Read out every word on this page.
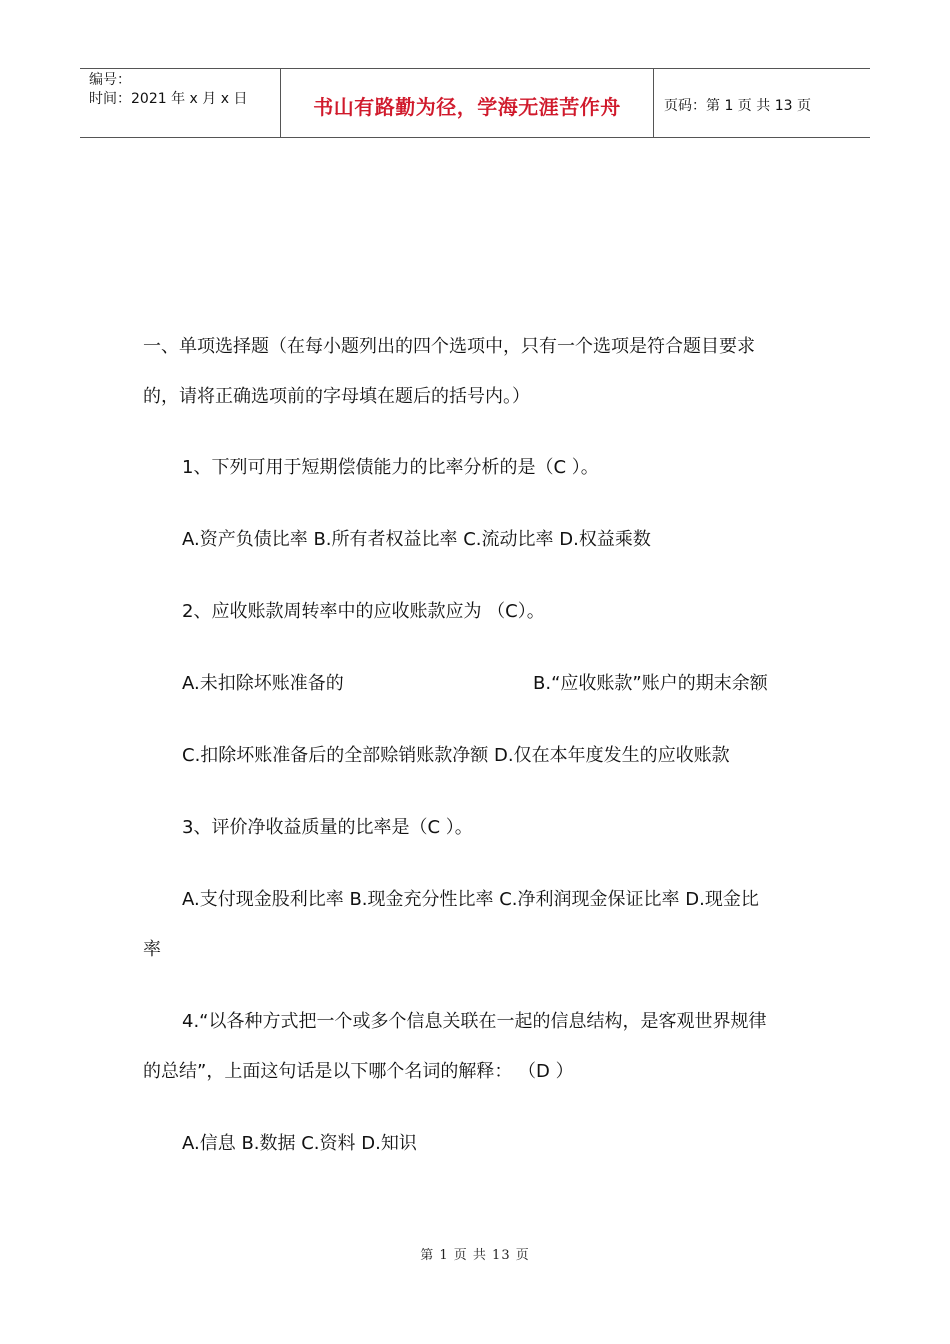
编号：
时间：2021 年 x 月 x 日	书山有路勤为径，学海无涯苦作舟	页码：第 1 页 共 13 页
一、单项选择题（在每小题列出的四个选项中，只有一个选项是符合题目要求
的，请将正确选项前的字母填在题后的括号内。）
1、下列可用于短期偿债能力的比率分析的是（C ）。
A.资产负债比率 B.所有者权益比率 C.流动比率 D.权益乘数
2、应收账款周转率中的应收账款应为 （C）。
A.未扣除坏账准备的	B.“应收账款”账户的期末余额
C.扣除坏账准备后的全部赊销账款净额 D.仅在本年度发生的应收账款
3、评价净收益质量的比率是（C ）。
A.支付现金股利比率 B.现金充分性比率 C.净利润现金保证比率 D.现金比
率
4.“以各种方式把一个或多个信息关联在一起的信息结构，是客观世界规律
的总结”，上面这句话是以下哪个名词的解释： （D ）
A.信息 B.数据 C.资料 D.知识
第 1 页 共 13 页
